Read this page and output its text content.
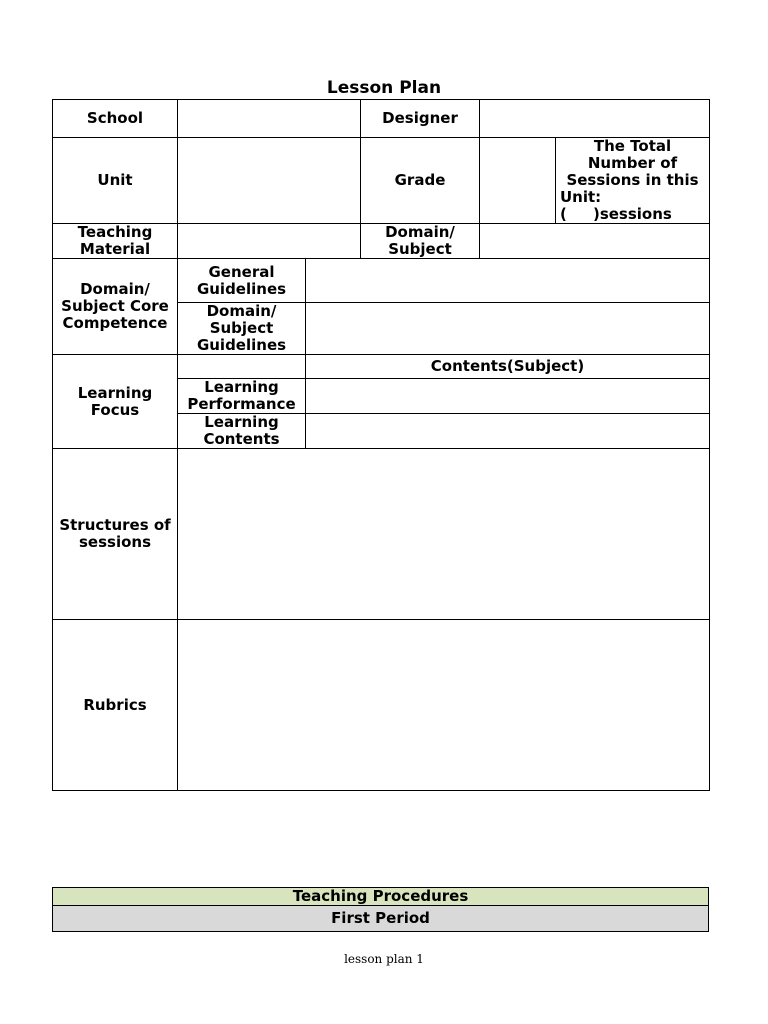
Lesson Plan
School			Designer		
Unit			Grade		The Total Number of Sessions in this Unit:
(     )sessions

Teaching Material			Domain/ Subject		
Domain/ Subject Core Competence	General Guidelines				
	Domain/ Subject Guidelines				
Learning Focus		Contents(Subject)			
	Learning Performance				
	Learning Contents				
Structures of sessions					
Rubrics					
Teaching Procedures
First Period
lesson plan 1
